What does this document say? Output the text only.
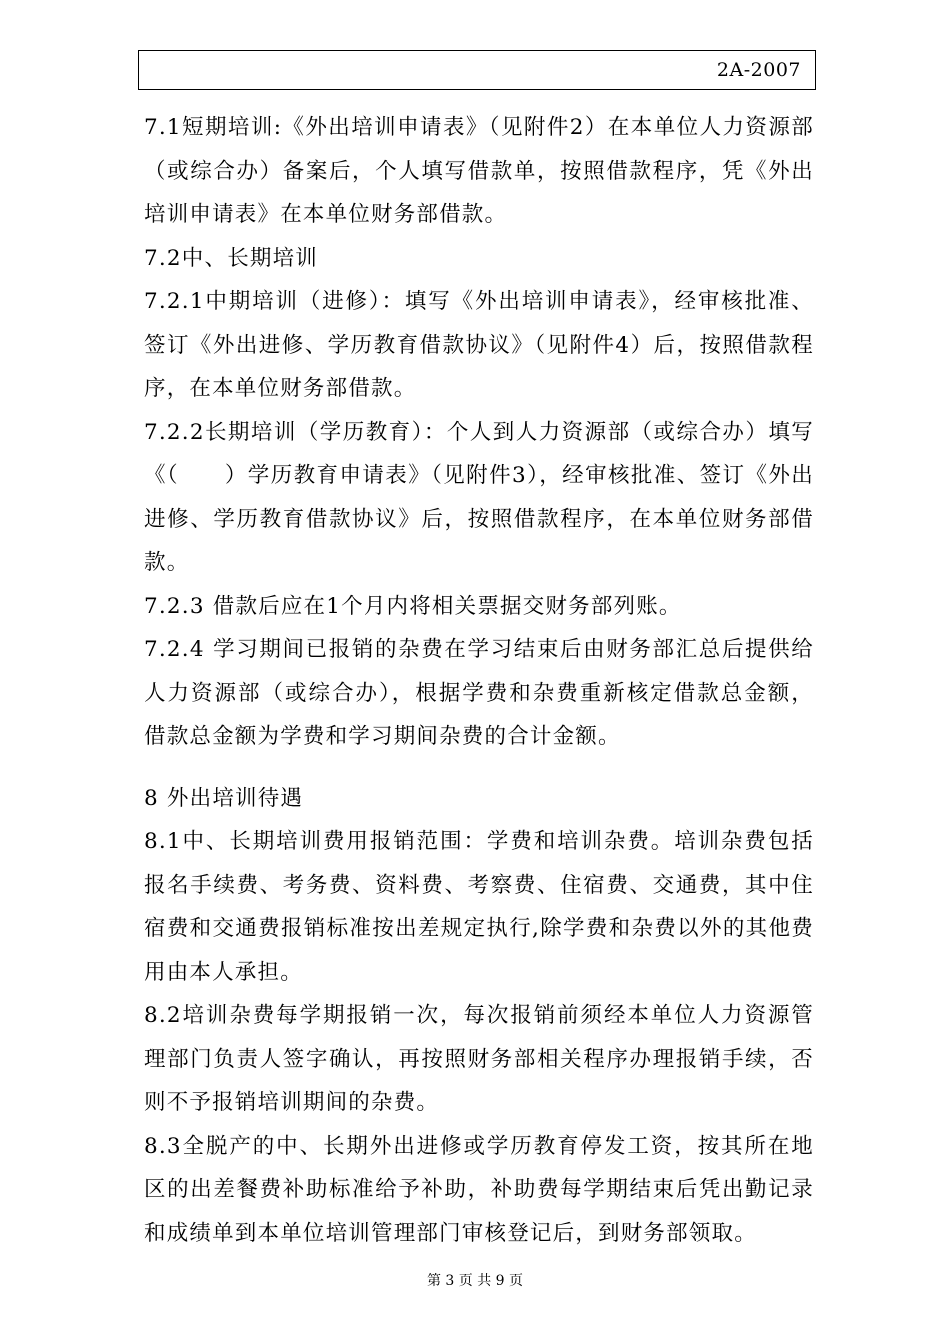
2A-2007

7.1短期培训:《外出培训申请表》（见附件2）在本单位人力资源部（或综合办）备案后，个人填写借款单，按照借款程序，凭《外出培训申请表》在本单位财务部借款。

7.2中、长期培训

7.2.1中期培训（进修）：填写《外出培训申请表》，经审核批准、签订《外出进修、学历教育借款协议》（见附件4）后，按照借款程序，在本单位财务部借款。

7.2.2长期培训（学历教育）：个人到人力资源部（或综合办）填写《（　　）学历教育申请表》（见附件3），经审核批准、签订《外出进修、学历教育借款协议》后，按照借款程序，在本单位财务部借款。

7.2.3 借款后应在1个月内将相关票据交财务部列账。

7.2.4 学习期间已报销的杂费在学习结束后由财务部汇总后提供给人力资源部（或综合办），根据学费和杂费重新核定借款总金额，借款总金额为学费和学习期间杂费的合计金额。

8 外出培训待遇

8.1中、长期培训费用报销范围：学费和培训杂费。培训杂费包括报名手续费、考务费、资料费、考察费、住宿费、交通费，其中住宿费和交通费报销标准按出差规定执行,除学费和杂费以外的其他费用由本人承担。

8.2培训杂费每学期报销一次，每次报销前须经本单位人力资源管理部门负责人签字确认，再按照财务部相关程序办理报销手续，否则不予报销培训期间的杂费。

8.3全脱产的中、长期外出进修或学历教育停发工资，按其所在地区的出差餐费补助标准给予补助，补助费每学期结束后凭出勤记录和成绩单到本单位培训管理部门审核登记后，到财务部领取。

第 3 页 共 9 页
